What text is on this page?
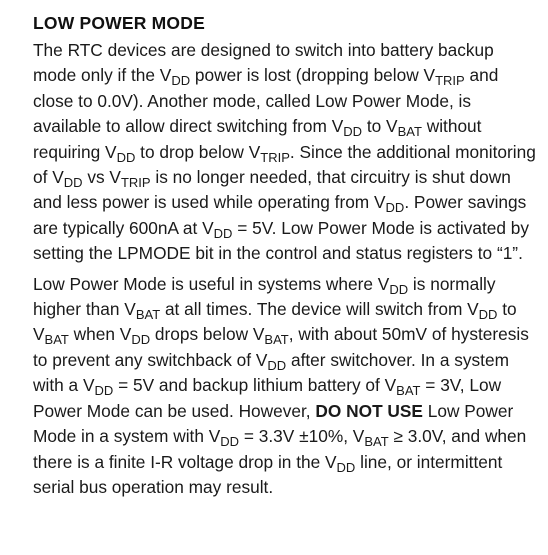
LOW POWER MODE

The RTC devices are designed to switch into battery backup mode only if the $V_{DD}$ power is lost (dropping below $V_{TRIP}$ and close to 0.0V). Another mode, called Low Power Mode, is available to allow direct switching from $V_{DD}$ to $V_{BAT}$ without requiring $V_{DD}$ to drop below $V_{TRIP}$. Since the additional monitoring of $V_{DD}$ vs $V_{TRIP}$ is no longer needed, that circuitry is shut down and less power is used while operating from $V_{DD}$. Power savings are typically 600nA at $V_{DD} = 5V$. Low Power Mode is activated by setting the LPMODE bit in the control and status registers to “1”.

Low Power Mode is useful in systems where $V_{DD}$ is normally higher than $V_{BAT}$ at all times. The device will switch from $V_{DD}$ to $V_{BAT}$ when $V_{DD}$ drops below $V_{BAT}$, with about 50mV of hysteresis to prevent any switchback of $V_{DD}$ after switchover. In a system with a $V_{DD} = 5V$ and backup lithium battery of $V_{BAT} = 3V$, Low Power Mode can be used. However, DO NOT USE Low Power Mode in a system with $V_{DD} = 3.3V \pm 10\%$, $V_{BAT} \ge 3.0V$, and when there is a finite I-R voltage drop in the $V_{DD}$ line, or intermittent serial bus operation may result.
